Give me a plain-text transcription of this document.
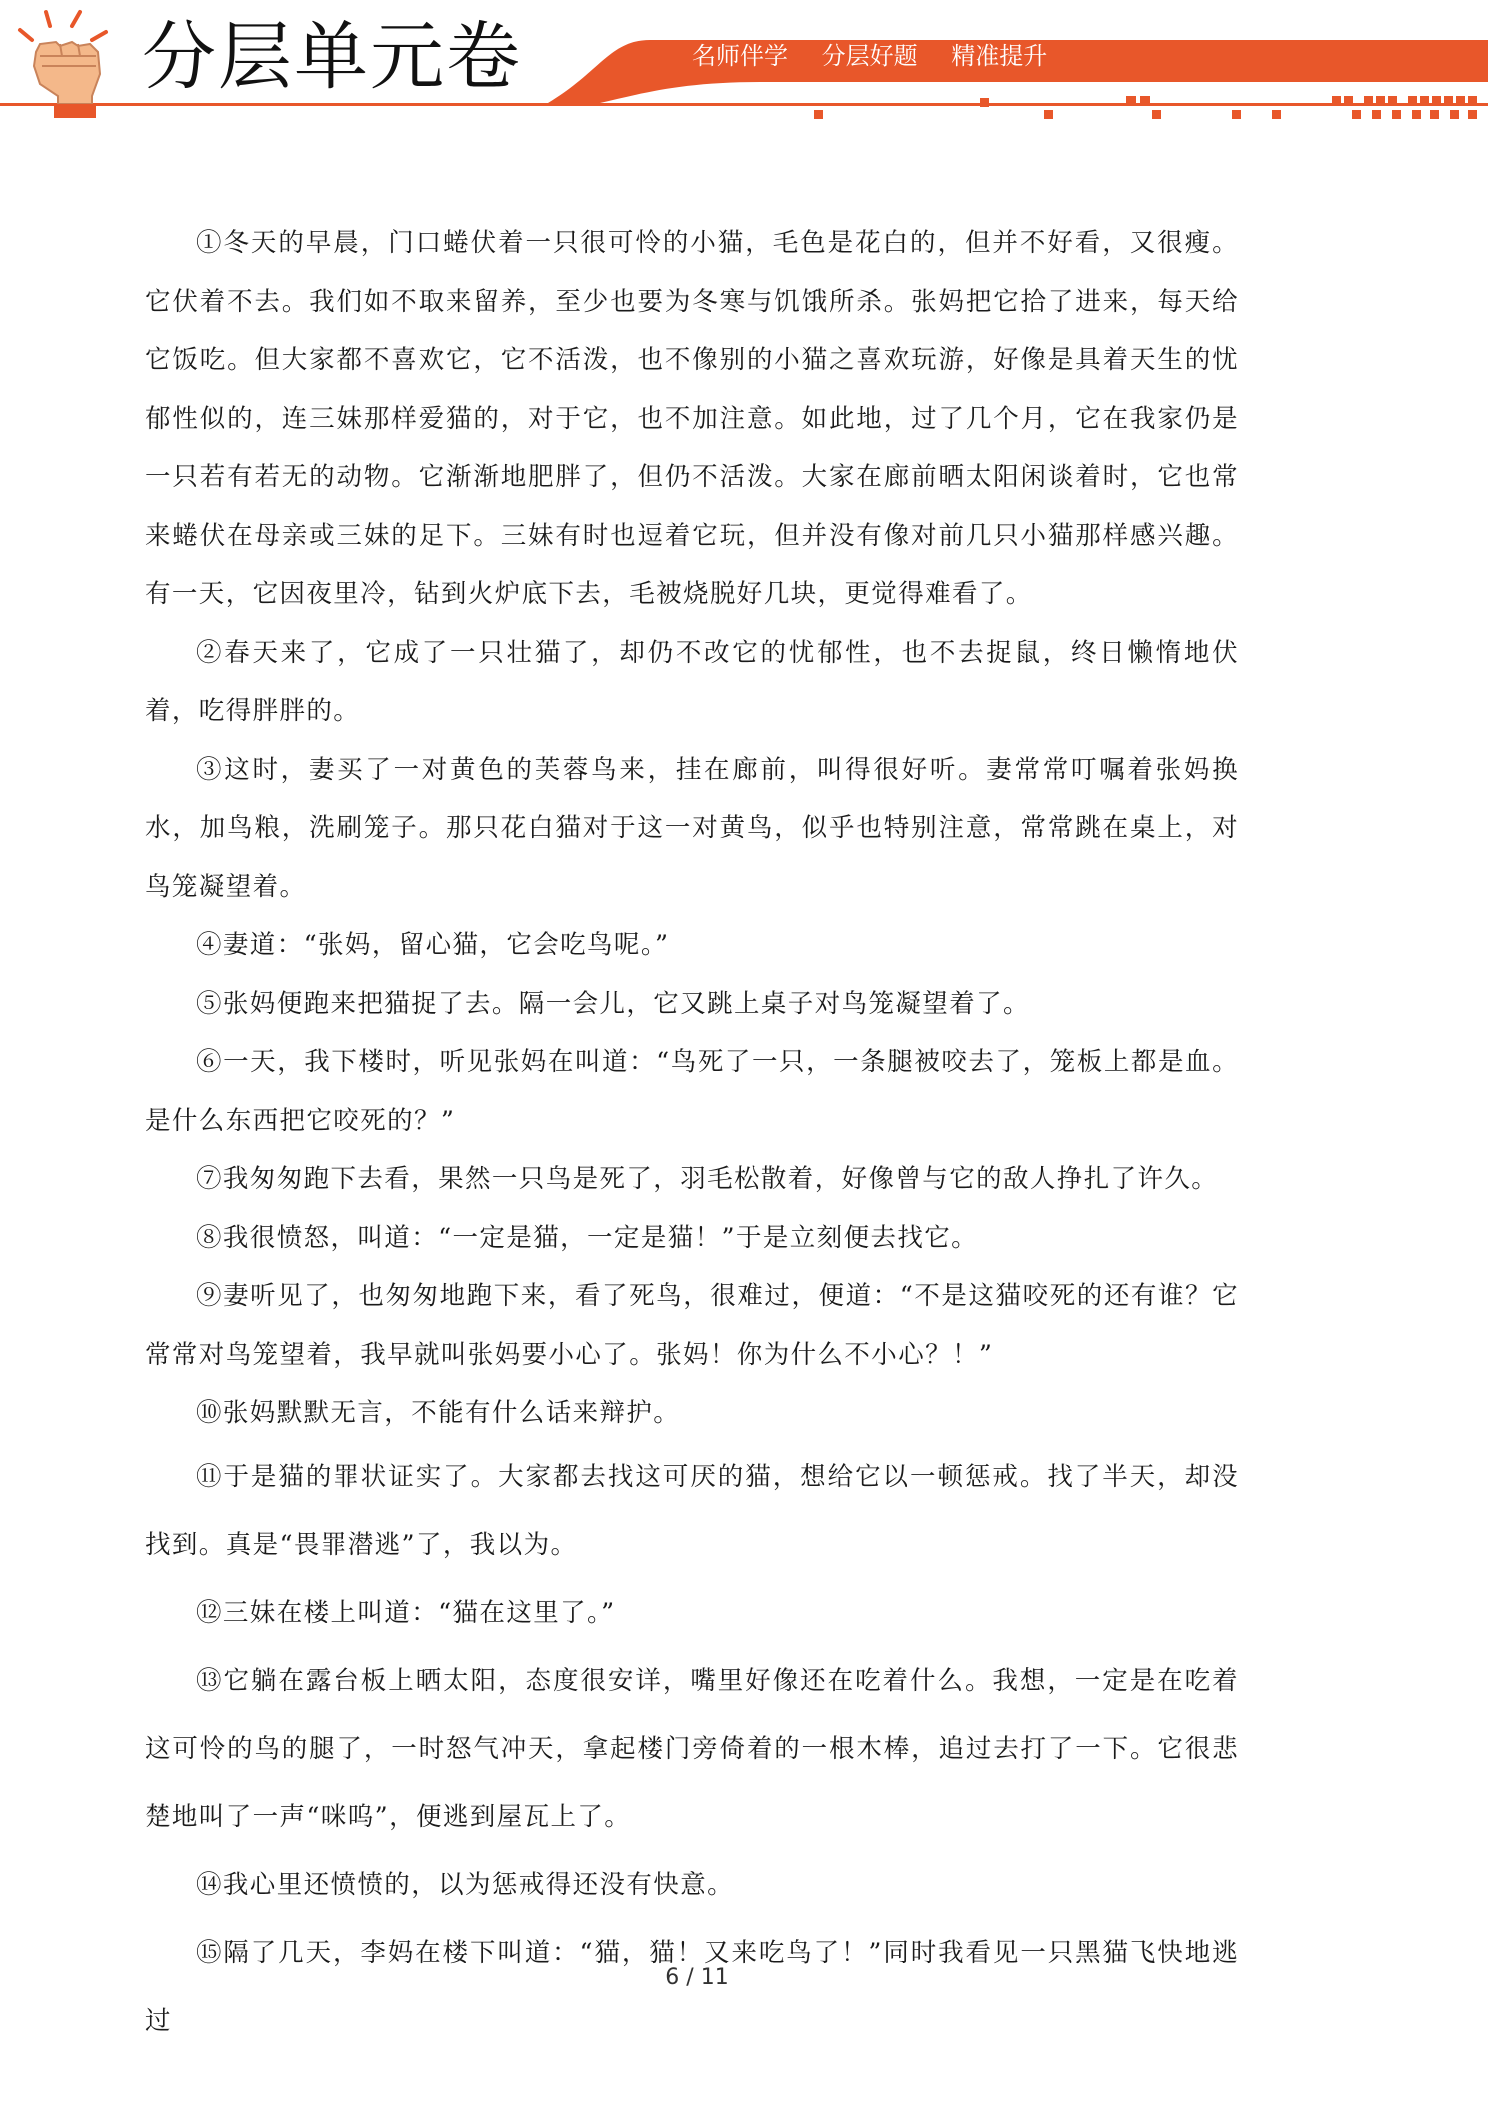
分层单元卷	名师伴学 分层好题 精准提升

①冬天的早晨，门口蜷伏着一只很可怜的小猫，毛色是花白的，但并不好看，又很瘦。它伏着不去。我们如不取来留养，至少也要为冬寒与饥饿所杀。张妈把它拾了进来，每天给它饭吃。但大家都不喜欢它，它不活泼，也不像别的小猫之喜欢玩游，好像是具着天生的忧郁性似的，连三妹那样爱猫的，对于它，也不加注意。如此地，过了几个月，它在我家仍是一只若有若无的动物。它渐渐地肥胖了，但仍不活泼。大家在廊前晒太阳闲谈着时，它也常来蜷伏在母亲或三妹的足下。三妹有时也逗着它玩，但并没有像对前几只小猫那样感兴趣。有一天，它因夜里冷，钻到火炉底下去，毛被烧脱好几块，更觉得难看了。

②春天来了，它成了一只壮猫了，却仍不改它的忧郁性，也不去捉鼠，终日懒惰地伏着，吃得胖胖的。

③这时，妻买了一对黄色的芙蓉鸟来，挂在廊前，叫得很好听。妻常常叮嘱着张妈换水，加鸟粮，洗刷笼子。那只花白猫对于这一对黄鸟，似乎也特别注意，常常跳在桌上，对鸟笼凝望着。

④妻道：“张妈，留心猫，它会吃鸟呢。”

⑤张妈便跑来把猫捉了去。隔一会儿，它又跳上桌子对鸟笼凝望着了。

⑥一天，我下楼时，听见张妈在叫道：“鸟死了一只，一条腿被咬去了，笼板上都是血。是什么东西把它咬死的？”

⑦我匆匆跑下去看，果然一只鸟是死了，羽毛松散着，好像曾与它的敌人挣扎了许久。

⑧我很愤怒，叫道：“一定是猫，一定是猫！”于是立刻便去找它。

⑨妻听见了，也匆匆地跑下来，看了死鸟，很难过，便道：“不是这猫咬死的还有谁？它常常对鸟笼望着，我早就叫张妈要小心了。张妈！你为什么不小心？！”

⑩张妈默默无言，不能有什么话来辩护。

⑪于是猫的罪状证实了。大家都去找这可厌的猫，想给它以一顿惩戒。找了半天，却没找到。真是“畏罪潜逃”了，我以为。

⑫三妹在楼上叫道：“猫在这里了。”

⑬它躺在露台板上晒太阳，态度很安详，嘴里好像还在吃着什么。我想，一定是在吃着这可怜的鸟的腿了，一时怒气冲天，拿起楼门旁倚着的一根木棒，追过去打了一下。它很悲楚地叫了一声“咪呜”，便逃到屋瓦上了。

⑭我心里还愤愤的，以为惩戒得还没有快意。

⑮隔了几天，李妈在楼下叫道：“猫，猫！又来吃鸟了！”同时我看见一只黑猫飞快地逃过

6 / 11
